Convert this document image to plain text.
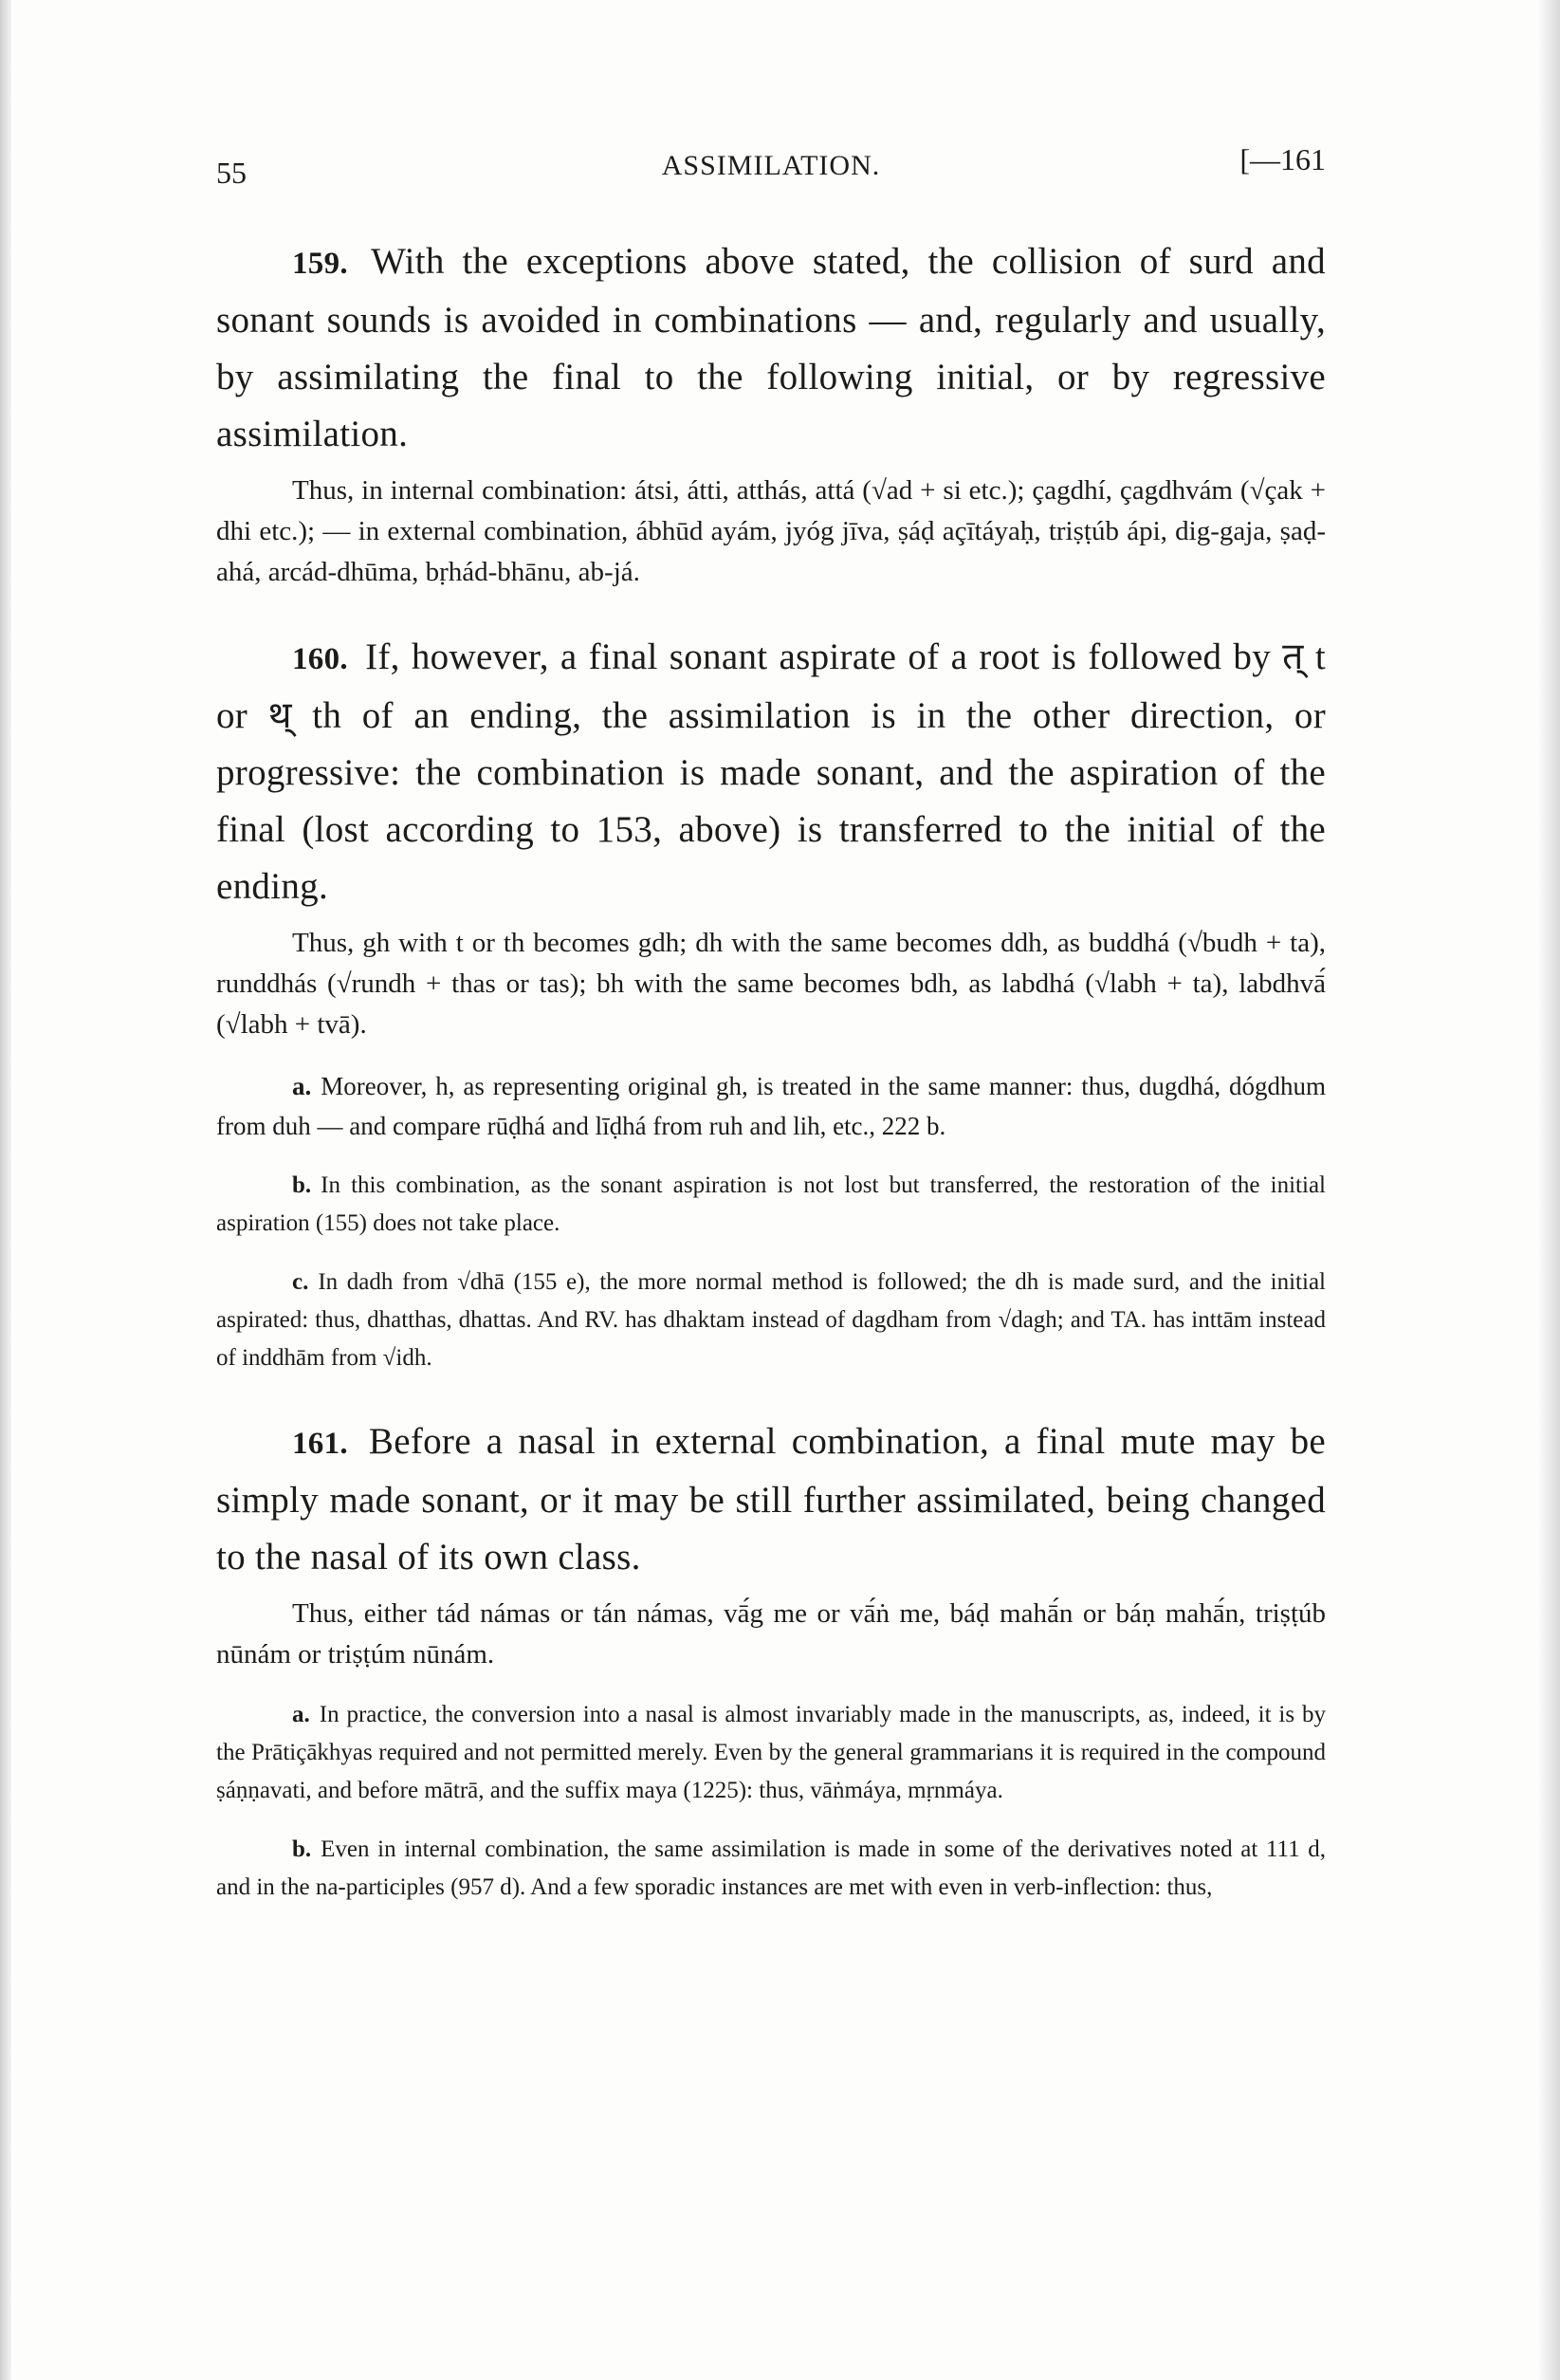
55	ASSIMILATION.	[—161

159. With the exceptions above stated, the collision of surd and sonant sounds is avoided in combinations — and, regularly and usually, by assimilating the final to the following initial, or by regressive assimilation.

Thus, in internal combination: átsi, átti, atthás, attá (√ad + si etc.); çagdhí, çagdhvám (√çak + dhi etc.); — in external combination, ábhūd ayám, jyóg jīva, ṣáḍ açītáyaḥ, triṣṭúb ápi, dig-gaja, ṣaḍ-ahá, arcád-dhūma, bṛhád-bhānu, ab-já.

160. If, however, a final sonant aspirate of a root is followed by त् t or थ् th of an ending, the assimilation is in the other direction, or progressive: the combination is made sonant, and the aspiration of the final (lost according to 153, above) is transferred to the initial of the ending.

Thus, gh with t or th becomes gdh; dh with the same becomes ddh, as buddhá (√budh + ta), runddhás (√rundh + thas or tas); bh with the same becomes bdh, as labdhá (√labh + ta), labdhvā́ (√labh + tvā).

a. Moreover, h, as representing original gh, is treated in the same manner: thus, dugdhá, dógdhum from duh — and compare rūḍhá and līḍhá from ruh and lih, etc., 222 b.

b. In this combination, as the sonant aspiration is not lost but transferred, the restoration of the initial aspiration (155) does not take place.

c. In dadh from √dhā (155 e), the more normal method is followed; the dh is made surd, and the initial aspirated: thus, dhatthas, dhattas. And RV. has dhaktam instead of dagdham from √dagh; and TA. has inttām instead of inddhām from √idh.

161. Before a nasal in external combination, a final mute may be simply made sonant, or it may be still further assimilated, being changed to the nasal of its own class.

Thus, either tád námas or tán námas, vā́g me or vā́ṅ me, báḍ mahā́n or báṇ mahā́n, triṣṭúb nūnám or triṣṭúm nūnám.

a. In practice, the conversion into a nasal is almost invariably made in the manuscripts, as, indeed, it is by the Prātiçākhyas required and not permitted merely. Even by the general grammarians it is required in the compound ṣáṇṇavati, and before mātrā, and the suffix maya (1225): thus, vāṅmáya, mṛnmáya.

b. Even in internal combination, the same assimilation is made in some of the derivatives noted at 111 d, and in the na-participles (957 d). And a few sporadic instances are met with even in verb-inflection: thus,
